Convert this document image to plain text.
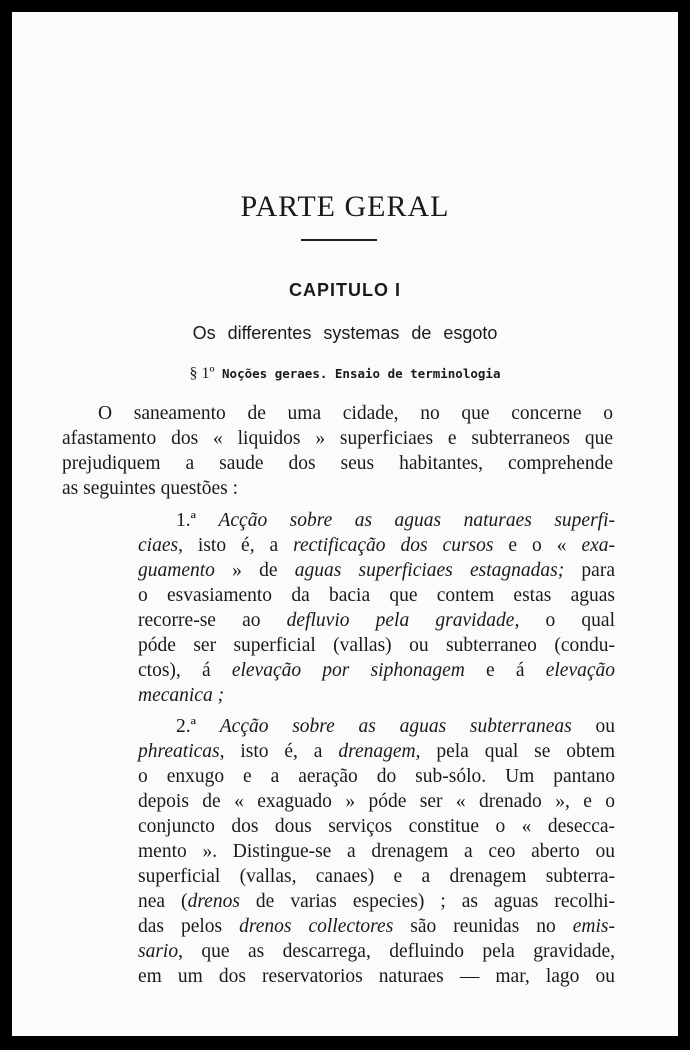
PARTE GERAL
CAPITULO I
Os differentes systemas de esgoto
§ 1º Noções geraes. Ensaio de terminologia
O saneamento de uma cidade, no que concerne o
afastamento dos « liquidos » superficiaes e subterraneos que
prejudiquem a saude dos seus habitantes, comprehende
as seguintes questões :
1.ª Acção sobre as aguas naturaes superfi-
ciaes, isto é, a rectificação dos cursos e o « exa-
guamento » de aguas superficiaes estagnadas; para
o esvasiamento da bacia que contem estas aguas
recorre-se ao defluvio pela gravidade, o qual
póde ser superficial (vallas) ou subterraneo (condu-
ctos), á elevação por siphonagem e á elevação
mecanica ;
2.ª Acção sobre as aguas subterraneas ou
phreaticas, isto é, a drenagem, pela qual se obtem
o enxugo e a aeração do sub-sólo. Um pantano
depois de « exaguado » póde ser « drenado », e o
conjuncto dos dous serviços constitue o « desecca-
mento ». Distingue-se a drenagem a ceo aberto ou
superficial (vallas, canaes) e a drenagem subterra-
nea (drenos de varias especies) ; as aguas recolhi-
das pelos drenos collectores são reunidas no emis-
sario, que as descarrega, defluindo pela gravidade,
em um dos reservatorios naturaes — mar, lago ou
